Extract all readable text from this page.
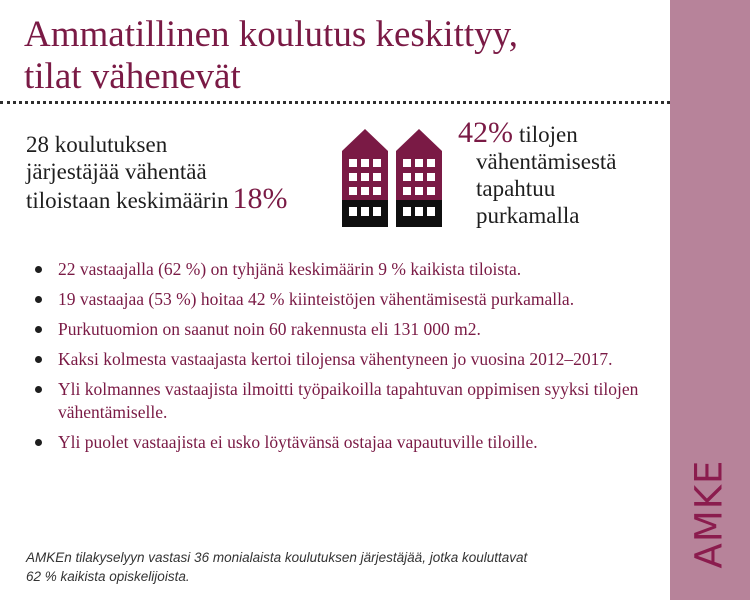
Ammatillinen koulutus keskittyy,
tilat vähenevät
AMKE
28 koulutuksen
järjestäjää vähentää
tiloistaan keskimäärin 18%
42% tilojen
vähentämisestä
tapahtuu
purkamalla
22 vastaajalla (62 %) on tyhjänä keskimäärin 9 % kaikista tiloista.
19 vastaajaa (53 %) hoitaa 42 % kiinteistöjen vähentämisestä purkamalla.
Purkutuomion on saanut noin 60 rakennusta eli 131 000 m2.
Kaksi kolmesta vastaajasta kertoi tilojensa vähentyneen jo vuosina 2012–2017.
Yli kolmannes vastaajista ilmoitti työpaikoilla tapahtuvan oppimisen syyksi tilojen vähentämiselle.
Yli puolet vastaajista ei usko löytävänsä ostajaa vapautuville tiloille.
AMKEn tilakyselyyn vastasi 36 monialaista koulutuksen järjestäjää, jotka kouluttavat
62 % kaikista opiskelijoista.
